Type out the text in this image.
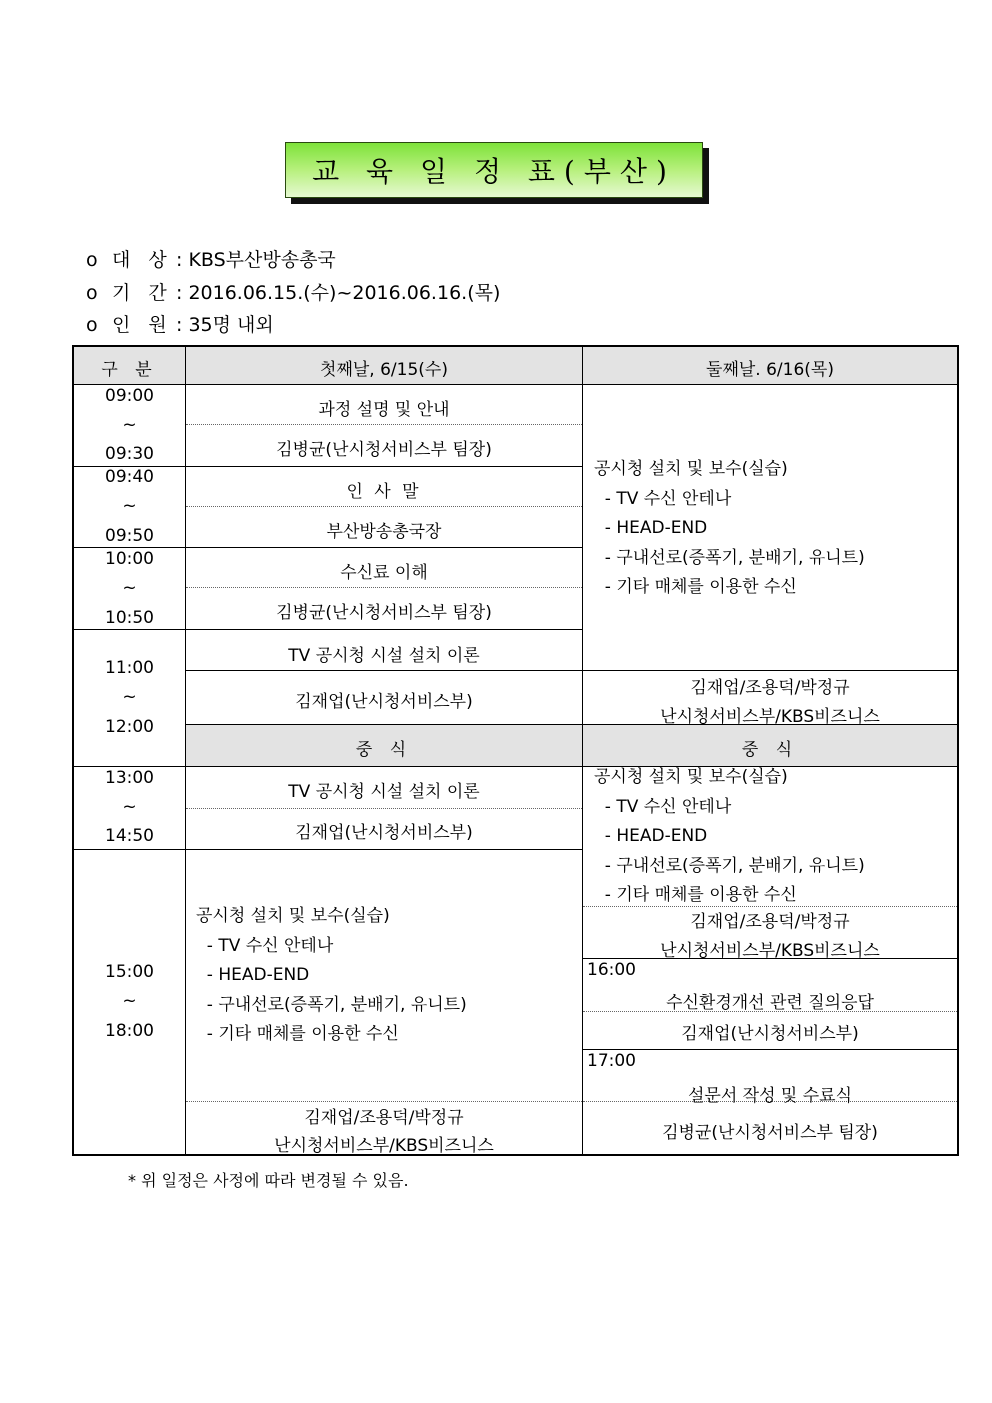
교 육 일 정 표(부산)
o 대 상 : KBS부산방송총국
o 기 간 : 2016.06.15.(수)~2016.06.16.(목)
o 인 원 : 35명 내외
구 분	첫째날, 6/15(수)	둘째날. 6/16(목)
09:00
~
09:30
09:40
~
09:50
10:00
~
10:50
11:00
~
12:00
13:00
~
14:50
15:00
~
18:00
과정 설명 및 안내
김병균(난시청서비스부 팀장)
인 사 말
부산방송총국장
수신료 이해
김병균(난시청서비스부 팀장)
TV 공시청 시설 설치 이론
김재업(난시청서비스부)
중 식
TV 공시청 시설 설치 이론
김재업(난시청서비스부)
공시청 설치 및 보수(실습)
- TV 수신 안테나
- HEAD-END
- 구내선로(증폭기, 분배기, 유니트)
- 기타 매체를 이용한 수신
김재업/조용덕/박정규
난시청서비스부/KBS비즈니스
공시청 설치 및 보수(실습)
- TV 수신 안테나
- HEAD-END
- 구내선로(증폭기, 분배기, 유니트)
- 기타 매체를 이용한 수신
김재업/조용덕/박정규
난시청서비스부/KBS비즈니스
중 식
공시청 설치 및 보수(실습)
- TV 수신 안테나
- HEAD-END
- 구내선로(증폭기, 분배기, 유니트)
- 기타 매체를 이용한 수신
김재업/조용덕/박정규
난시청서비스부/KBS비즈니스
16:00
수신환경개선 관련 질의응답
김재업(난시청서비스부)
17:00
설문서 작성 및 수료식
김병균(난시청서비스부 팀장)
* 위 일정은 사정에 따라 변경될 수 있음.
